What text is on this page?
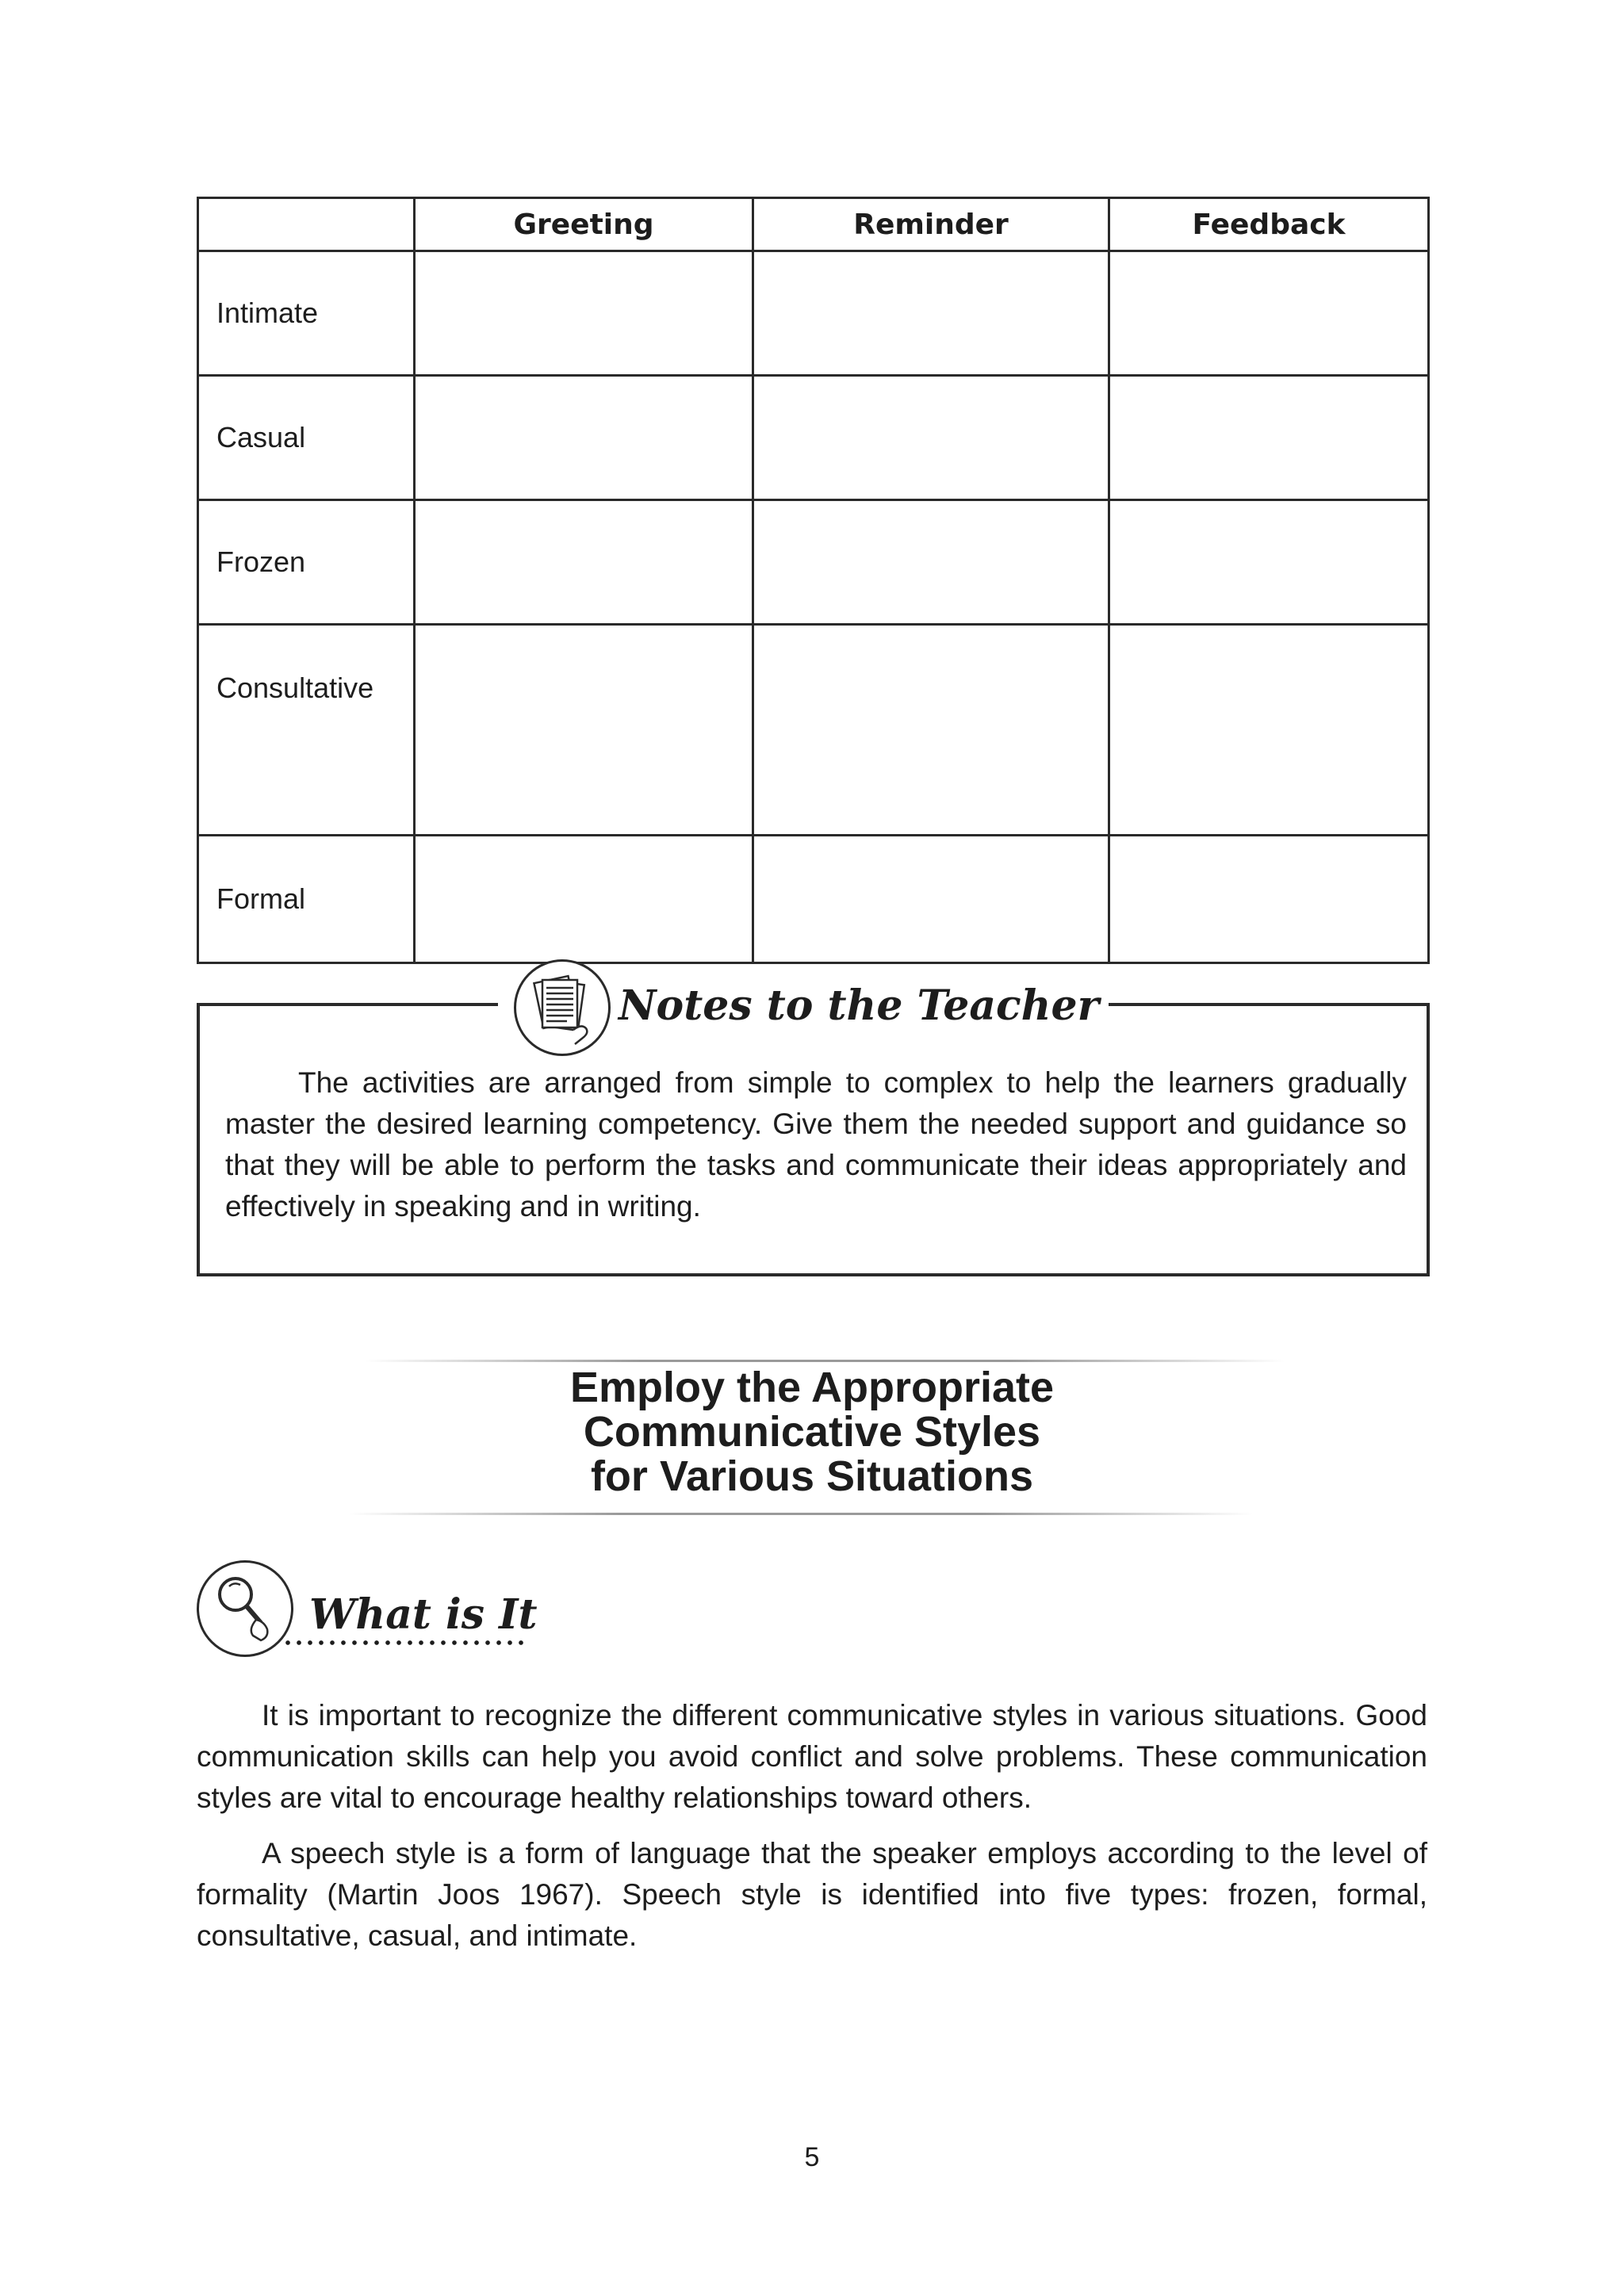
	Greeting	Reminder	Feedback
Intimate			
Casual			
Frozen			
Consultative			
Formal			
Notes to the Teacher

The activities are arranged from simple to complex to help the learners gradually master the desired learning competency. Give them the needed support and guidance so that they will be able to perform the tasks and communicate their ideas appropriately and effectively in speaking and in writing.

Employ the Appropriate
Communicative Styles
for Various Situations
What is It

It is important to recognize the different communicative styles in various situations. Good communication skills can help you avoid conflict and solve problems. These communication styles are vital to encourage healthy relationships toward others.

A speech style is a form of language that the speaker employs according to the level of formality (Martin Joos 1967). Speech style is identified into five types: frozen, formal, consultative, casual, and intimate.

5
